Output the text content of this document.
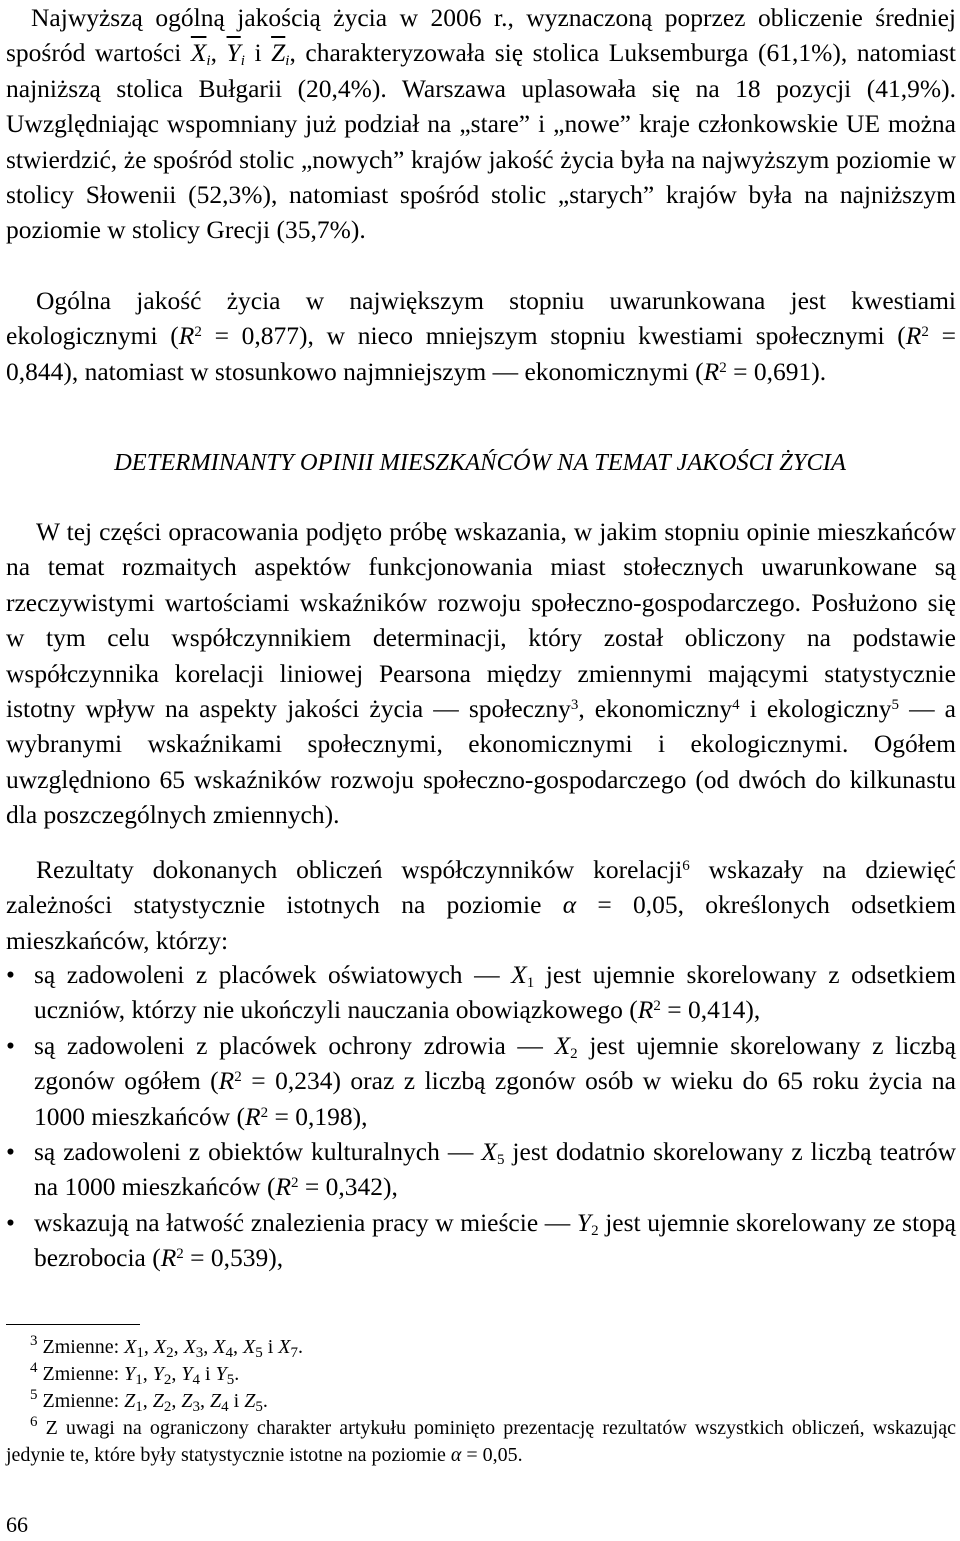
Najwyższą ogólną jakością życia w 2006 r., wyznaczoną poprzez obliczenie średniej spośród wartości $\overline{X}_i$, $\overline{Y}_i$ i $\overline{Z}_i$, charakteryzowała się stolica Luksemburga (61,1%), natomiast najniższą stolica Bułgarii (20,4%). Warszawa uplasowała się na 18 pozycji (41,9%). Uwzględniając wspomniany już podział na „stare” i „nowe” kraje członkowskie UE można stwierdzić, że spośród stolic „nowych” krajów jakość życia była na najwyższym poziomie w stolicy Słowenii (52,3%), natomiast spośród stolic „starych” krajów była na najniższym poziomie w stolicy Grecji (35,7%).

Ogólna jakość życia w największym stopniu uwarunkowana jest kwestiami ekologicznymi $(R^2 = 0,877)$, w nieco mniejszym stopniu kwestiami społecznymi $(R^2 = 0,844)$, natomiast w stosunkowo najmniejszym — ekonomicznymi $(R^2 = 0,691)$.

DETERMINANTY OPINII MIESZKAŃCÓW NA TEMAT JAKOŚCI ŻYCIA

W tej części opracowania podjęto próbę wskazania, w jakim stopniu opinie mieszkańców na temat rozmaitych aspektów funkcjonowania miast stołecznych uwarunkowane są rzeczywistymi wartościami wskaźników rozwoju społeczno-gospodarczego. Posłużono się w tym celu współczynnikiem determinacji, który został obliczony na podstawie współczynnika korelacji liniowej Pearsona między zmiennymi mającymi statystycznie istotny wpływ na aspekty jakości życia — społeczny$^3$, ekonomiczny$^4$ i ekologiczny$^5$ — a wybranymi wskaźnikami społecznymi, ekonomicznymi i ekologicznymi. Ogółem uwzględniono 65 wskaźników rozwoju społeczno-gospodarczego (od dwóch do kilkunastu dla poszczególnych zmiennych).

Rezultaty dokonanych obliczeń współczynników korelacji$^6$ wskazały na dziewięć zależności statystycznie istotnych na poziomie α = 0,05, określonych odsetkiem mieszkańców, którzy:

• są zadowoleni z placówek oświatowych — $X_1$ jest ujemnie skorelowany z odsetkiem uczniów, którzy nie ukończyli nauczania obowiązkowego $(R^2 = 0,414)$,
• są zadowoleni z placówek ochrony zdrowia — $X_2$ jest ujemnie skorelowany z liczbą zgonów ogółem $(R^2 = 0,234)$ oraz z liczbą zgonów osób w wieku do 65 roku życia na 1000 mieszkańców $(R^2 = 0,198)$,
• są zadowoleni z obiektów kulturalnych — $X_5$ jest dodatnio skorelowany z liczbą teatrów na 1000 mieszkańców $(R^2 = 0,342)$,
• wskazują na łatwość znalezienia pracy w mieście — $Y_2$ jest ujemnie skorelowany ze stopą bezrobocia $(R^2 = 0,539)$,

$^3$ Zmienne: $X_1$, $X_2$, $X_3$, $X_4$, $X_5$ i $X_7$.

$^4$ Zmienne: $Y_1$, $Y_2$, $Y_4$ i $Y_5$.

$^5$ Zmienne: $Z_1$, $Z_2$, $Z_3$, $Z_4$ i $Z_5$.

$^6$ Z uwagi na ograniczony charakter artykułu pominięto prezentację rezultatów wszystkich obliczeń, wskazując jedynie te, które były statystycznie istotne na poziomie α = 0,05.

66
